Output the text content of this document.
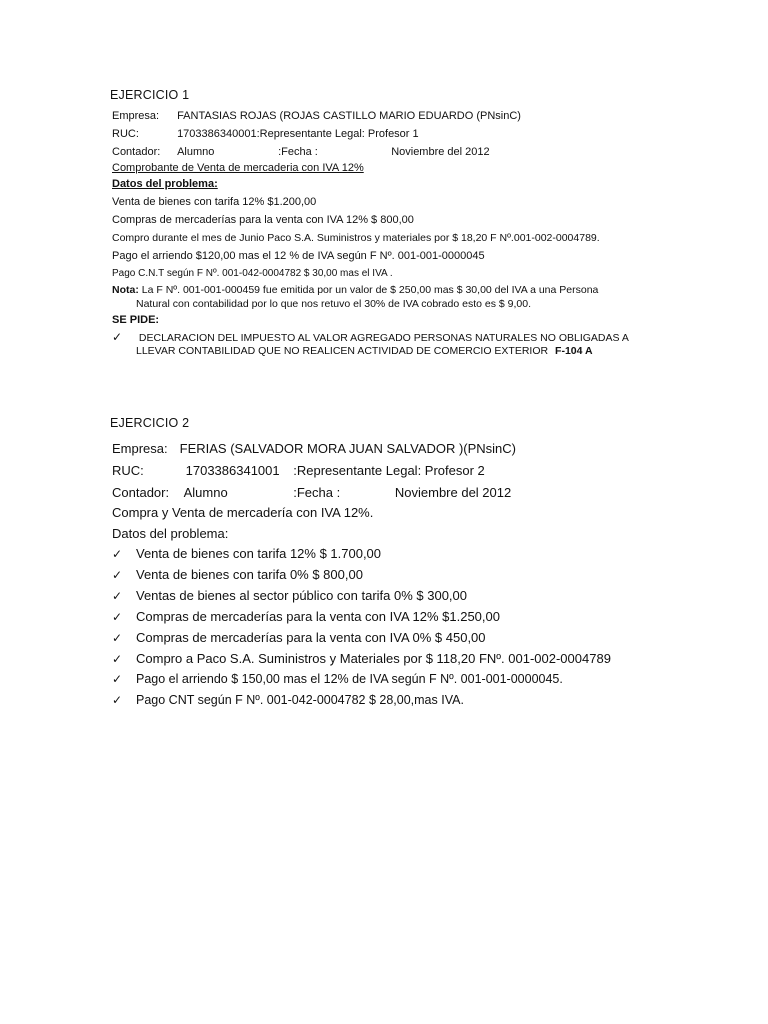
EJERCICIO 1
Empresa: FANTASIAS ROJAS (ROJAS CASTILLO MARIO EDUARDO (PNsinC)
RUC:	1703386340001:Representante Legal: Profesor 1
Contador: Alumno	:Fecha :	Noviembre del 2012
Comprobante de Venta de mercaderia con IVA 12%
Datos del problema:
Venta de bienes con tarifa 12% $1.200,00
Compras de mercaderías para la venta con IVA 12% $ 800,00
Compro durante el mes de Junio Paco S.A. Suministros y materiales por $ 18,20 F Nº.001-002-0004789.
Pago el arriendo $120,00 mas el 12 % de IVA según F Nº. 001-001-0000045
Pago C.N.T según F Nº. 001-042-0004782 $ 30,00 mas el IVA .
Nota: La F Nº. 001-001-000459 fue emitida por un valor de $ 250,00 mas $ 30,00 del IVA a una Persona
Natural con contabilidad por lo que nos retuvo el 30% de IVA cobrado esto es $ 9,00.
SE PIDE:
✓ DECLARACION DEL IMPUESTO AL VALOR AGREGADO PERSONAS NATURALES NO OBLIGADAS A
LLEVAR CONTABILIDAD QUE NO REALICEN ACTIVIDAD DE COMERCIO EXTERIOR F-104 A
EJERCICIO 2
Empresa: FERIAS (SALVADOR MORA JUAN SALVADOR )(PNsinC)
RUC:	1703386341001 :Representante Legal: Profesor 2
Contador: Alumno	:Fecha :	Noviembre del 2012
Compra y Venta de mercadería con IVA 12%.
Datos del problema:
✓ Venta de bienes con tarifa 12% $ 1.700,00
✓ Venta de bienes con tarifa 0% $ 800,00
✓ Ventas de bienes al sector público con tarifa 0% $ 300,00
✓ Compras de mercaderías para la venta con IVA 12% $1.250,00
✓ Compras de mercaderías para la venta con IVA 0% $ 450,00
✓ Compro a Paco S.A. Suministros y Materiales por $ 118,20 FNº. 001-002-0004789
✓ Pago el arriendo $ 150,00 mas el 12% de IVA según F Nº. 001-001-0000045.
✓ Pago CNT según F Nº. 001-042-0004782 $ 28,00,mas IVA.
